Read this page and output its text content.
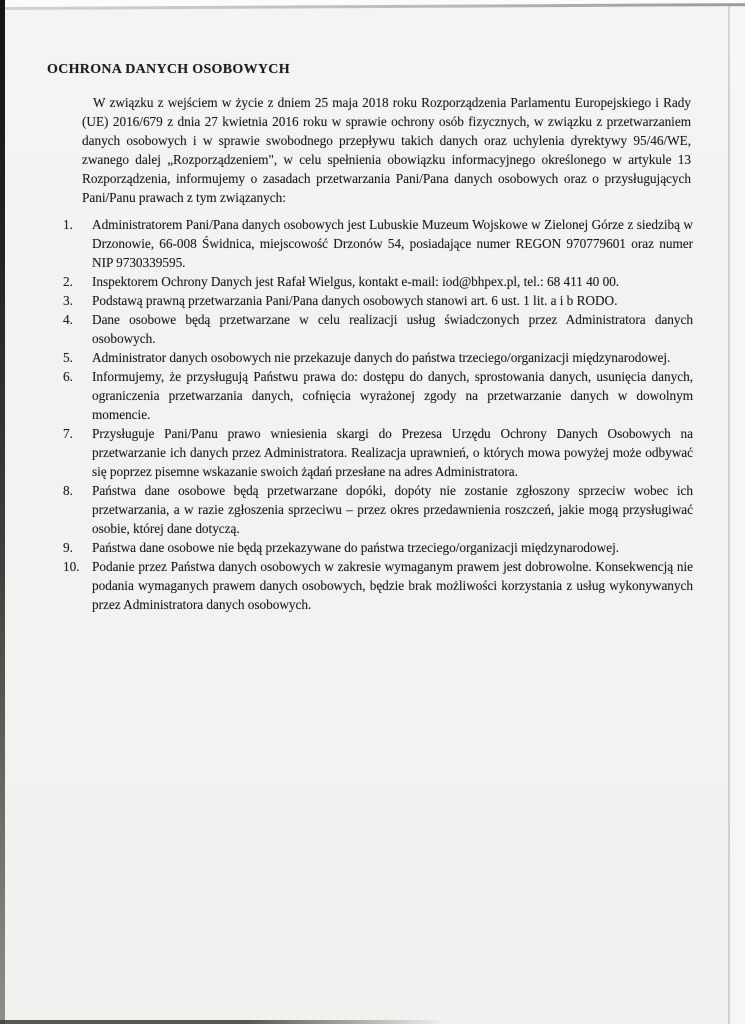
OCHRONA DANYCH OSOBOWYCH

W związku z wejściem w życie z dniem 25 maja 2018 roku Rozporządzenia Parlamentu Europejskiego i Rady (UE) 2016/679 z dnia 27 kwietnia 2016 roku w sprawie ochrony osób fizycznych, w związku z przetwarzaniem danych osobowych i w sprawie swobodnego przepływu takich danych oraz uchylenia dyrektywy 95/46/WE, zwanego dalej „Rozporządzeniem", w celu spełnienia obowiązku informacyjnego określonego w artykule 13 Rozporządzenia, informujemy o zasadach przetwarzania Pani/Pana danych osobowych oraz o przysługujących Pani/Panu prawach z tym związanych:

1.	Administratorem Pani/Pana danych osobowych jest Lubuskie Muzeum Wojskowe w Zielonej Górze z siedzibą w Drzonowie, 66-008 Świdnica, miejscowość Drzonów 54, posiadające numer REGON 970779601 oraz numer NIP 9730339595.
2.	Inspektorem Ochrony Danych jest Rafał Wielgus, kontakt e-mail: iod@bhpex.pl, tel.: 68 411 40 00.
3.	Podstawą prawną przetwarzania Pani/Pana danych osobowych stanowi art. 6 ust. 1 lit. a i b RODO.
4.	Dane osobowe będą przetwarzane w celu realizacji usług świadczonych przez Administratora danych osobowych.
5.	Administrator danych osobowych nie przekazuje danych do państwa trzeciego/organizacji międzynarodowej.
6.	Informujemy, że przysługują Państwu prawa do: dostępu do danych, sprostowania danych, usunięcia danych, ograniczenia przetwarzania danych, cofnięcia wyrażonej zgody na przetwarzanie danych w dowolnym momencie.
7.	Przysługuje Pani/Panu prawo wniesienia skargi do Prezesa Urzędu Ochrony Danych Osobowych na przetwarzanie ich danych przez Administratora. Realizacja uprawnień, o których mowa powyżej może odbywać się poprzez pisemne wskazanie swoich żądań przesłane na adres Administratora.
8.	Państwa dane osobowe będą przetwarzane dopóki, dopóty nie zostanie zgłoszony sprzeciw wobec ich przetwarzania, a w razie zgłoszenia sprzeciwu – przez okres przedawnienia roszczeń, jakie mogą przysługiwać osobie, której dane dotyczą.
9.	Państwa dane osobowe nie będą przekazywane do państwa trzeciego/organizacji międzynarodowej.
10. Podanie przez Państwa danych osobowych w zakresie wymaganym prawem jest dobrowolne. Konsekwencją nie podania wymaganych prawem danych osobowych, będzie brak możliwości korzystania z usług wykonywanych przez Administratora danych osobowych.
